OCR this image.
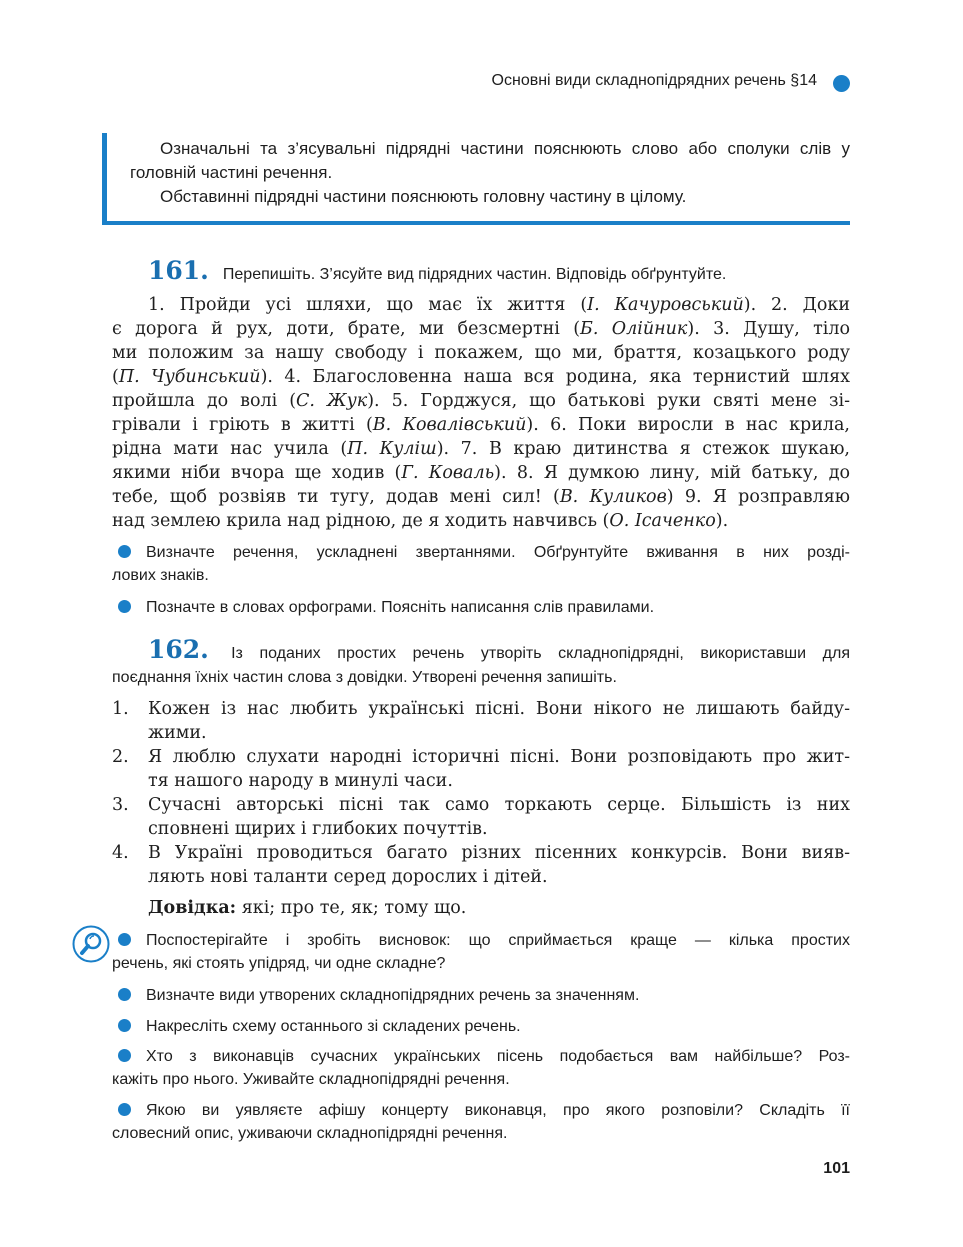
Основні види складнопідрядних речень §14

Означальні та з’ясувальні підрядні частини пояснюють слово або сполуки слів у головній частині речення.

Обставинні підрядні частини пояснюють головну частину в цілому.

161. Перепишіть. З’ясуйте вид підрядних частин. Відповідь обґрунтуйте.
1. Пройди усі шляхи, що має їх життя (І. Качуровський). 2. Доки
є дорога й рух, доти, брате, ми безсмертні (Б. Олійник). 3. Душу, тіло
ми положим за нашу свободу і покажем, що ми, браття, козацького роду
(П. Чубинський). 4. Благословенна наша вся родина, яка тернистий шлях
пройшла до волі (С. Жук). 5. Горджуся, що батькові руки святі мене зі-
грівали і гріють в житті (В. Ковалівський). 6. Поки виросли в нас крила,
рідна мати нас учила (П. Куліш). 7. В краю дитинства я стежок шукаю,
якими ніби вчора ще ходив (Г. Коваль). 8. Я думкою лину, мій батьку, до
тебе, щоб розвіяв ти тугу, додав мені сил! (В. Куликов) 9. Я розправляю
над землею крила над рідною, де я ходить навчивсь (О. Ісаченко).
Визначте речення, ускладнені звертаннями. Обґрунтуйте вживання в них розді-
лових знаків.
Позначте в словах орфограми. Поясніть написання слів правилами.
162. Із поданих простих речень утворіть складнопідрядні, використавши для
поєднання їхніх частин слова з довідки. Утворені речення запишіть.
1.	Кожен із нас любить українські пісні. Вони нікого не лишають байду-
жими.
2.	Я люблю слухати народні історичні пісні. Вони розповідають про жит-
тя нашого народу в минулі часи.
3.	Сучасні авторські пісні так само торкають серце. Більшість із них
сповнені щирих і глибоких почуттів.
4.	В Україні проводиться багато різних пісенних конкурсів. Вони вияв-
ляють нові таланти серед дорослих і дітей.
Довідка: які; про те, як; тому що.
Поспостерігайте і зробіть висновок: що сприймається краще — кілька простих
речень, які стоять упідряд, чи одне складне?
Визначте види утворених складнопідрядних речень за значенням.
Накресліть схему останнього зі складених речень.
Хто з виконавців сучасних українських пісень подобається вам найбільше? Роз-
кажіть про нього. Уживайте складнопідрядні речення.
Якою ви уявляєте афішу концерту виконавця, про якого розповіли? Складіть її
словесний опис, уживаючи складнопідрядні речення.
101
